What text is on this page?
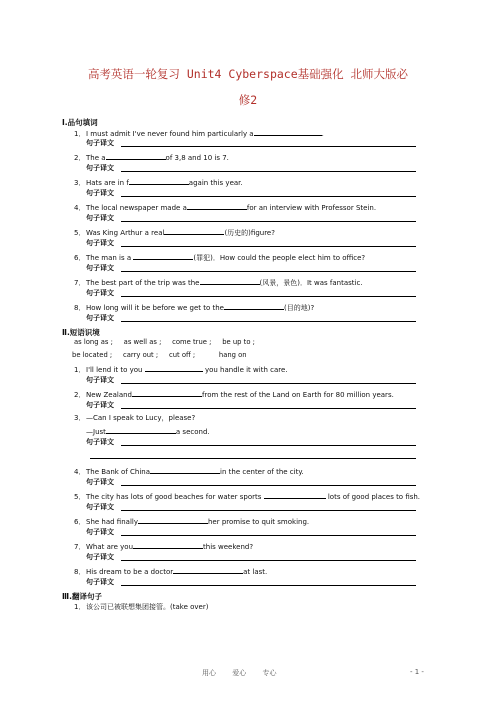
高考英语一轮复习 Unit4 Cyberspace基础强化 北师大版必
修2
Ⅰ.品句填词
1．I must admit I've never found him particularly a	.
句子译文
2．The a	of 3,8 and 10 is 7.
句子译文
3．Hats are in f	again this year.
句子译文
4．The local newspaper made a	for an interview with Professor Stein.
句子译文
5．Was King Arthur a real	(历史的)figure?
句子译文
6．The man is a	(罪犯)．How could the people elect him to office?
句子译文
7．The best part of the trip was the	(风景，景色)．It was fantastic.
句子译文
8．How long will it be before we get to the	(目的地)?
句子译文
Ⅱ.短语识境
as long as ;     as well as ;     come true ;     be up to ;
be located ;     carry out ;     cut off ;           hang on
1．I'll lend it to you	you handle it with care.
句子译文
2．New Zealand	from the rest of the Land on Earth for 80 million years.
句子译文
3．—Can I speak to Lucy，please?
—Just	a second.
句子译文
4．The Bank of China	in the center of the city.
句子译文
5．The city has lots of good beaches for water sports	lots of good places to fish.
句子译文
6．She had finally	her promise to quit smoking.
句子译文
7．What are you	this weekend?
句子译文
8．His dream to be a doctor	at last.
句子译文
Ⅲ.翻译句子
1．该公司已被联想集团接管。(take over)
用心 爱心 专心	- 1 -
